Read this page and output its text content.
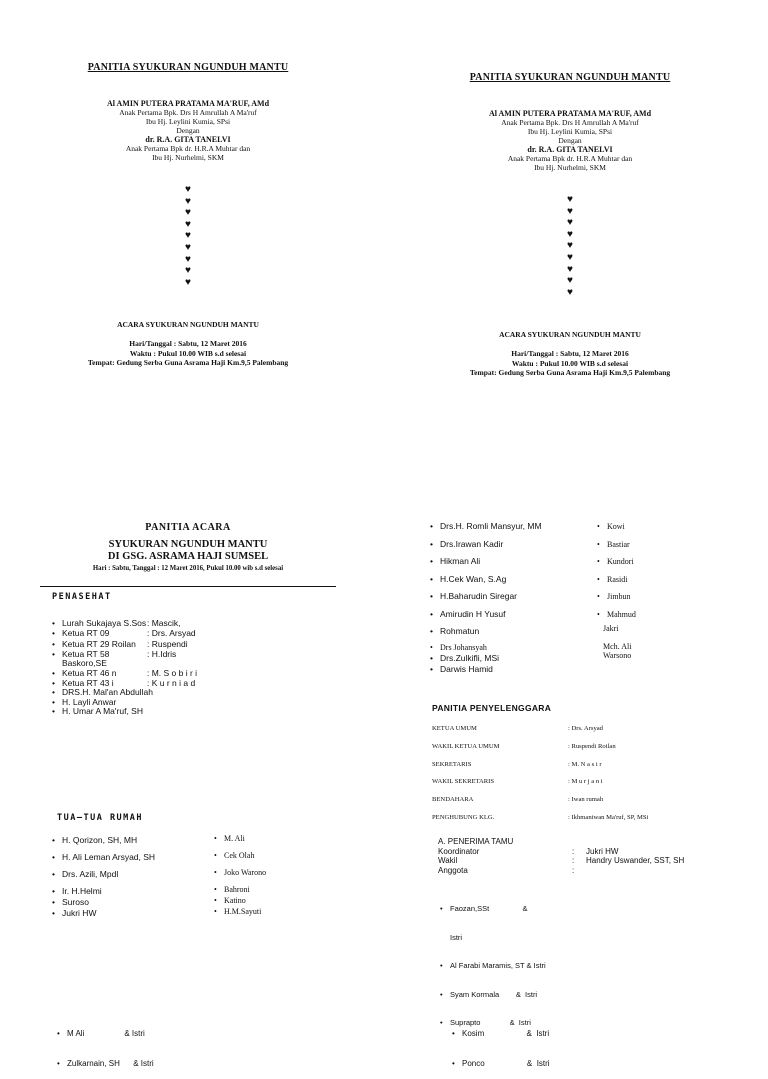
PANITIA SYUKURAN NGUNDUH MANTU
Al AMIN PUTERA PRATAMA MA'RUF, AMd
Anak Pertama Bpk. Drs H Amrullah A Ma'ruf
Ibu Hj. Leylini Kumia, SPsi
Dengan
dr. R.A. GITA TANELVI
Anak Pertama Bpk dr. H.R.A Muhtar dan
Ibu Hj. Nurhelmi, SKM
♥
♥
♥
♥
♥
♥
♥
♥
♥
ACARA SYUKURAN NGUNDUH MANTU
Hari/Tanggal : Sabtu, 12 Maret 2016
Waktu : Pukul 10.00 WIB s.d selesai
Tempat: Gedung Serba Guna Asrama Haji Km.9,5 Palembang
PANITIA SYUKURAN NGUNDUH MANTU
Al AMIN PUTERA PRATAMA MA'RUF, AMd
Anak Pertama Bpk. Drs H Amrullah A Ma'ruf
Ibu Hj. Leylini Kumia, SPsi
Dengan
dr. R.A. GITA TANELVI
Anak Pertama Bpk dr. H.R.A Muhtar dan
Ibu Hj. Nurhelmi, SKM
♥
♥
♥
♥
♥
♥
♥
♥
♥
ACARA SYUKURAN NGUNDUH MANTU
Hari/Tanggal : Sabtu, 12 Maret 2016
Waktu : Pukul 10.00 WIB s.d selesai
Tempat: Gedung Serba Guna Asrama Haji Km.9,5 Palembang
PANITIA ACARA
SYUKURAN NGUNDUH MANTU
DI GSG. ASRAMA HAJI SUMSEL
Hari : Sabtu, Tanggal : 12 Maret 2016, Pukul 10.00 wib s.d selesai
PENASEHAT
• Lurah Sukajaya S.Sos: Mascik,
• Ketua RT 09	: Drs. Arsyad
• Ketua RT 29 Roilan : Ruspendi
• Ketua RT 58 Baskoro,SE: H.Idris
• Ketua RT 46 n	: M. S o b i r i
• Ketua RT 43 i	: K u r n i a d
• DRS.H. Mal'an Abdullah
• H. Layli Anwar
• H. Umar A Ma'ruf, SH
TUA–TUA RUMAH
• H. Qorizon, SH, MH
• H. Ali Leman Arsyad, SH
• Drs. Azili, Mpdl
• Ir. H.Helmi
• Suroso
• Jukri HW
• M. Ali
• Cek Olah
• Joko Warono
• Bahroni
• Katino
• H.M.Sayuti

• M Ali                  & Istri

• Zulkarnain, SH      & Istri

• Drs.H. Romli Mansyur, MM
• Drs.Irawan Kadir
• Hikman Ali
• H.Cek Wan, S.Ag
• H.Baharudin Siregar
• Amirudin H Yusuf
• Rohmatun
• Drs Johansyah
• Drs.Zulkifli, MSi
• Darwis Hamid
• Kowi
• Bastiar
• Kundori
• Rasidi
• Jimbun
• Mahmud
Jakri
Mch. Ali
Warsono
PANITIA PENYELENGGARA
KETUA UMUM	: Drs. Arsyad
WAKIL KETUA UMUM	: Ruspendi Roilan
SEKRETARIS	: M. N a s i r
WAKIL SEKRETARIS	: M u r j a n i
BENDAHARA	: Iwan rumah
PENGHUBUNG KLG.	: Ikhmaniwan Ma'ruf, SP, MSi
A. PENERIMA TAMU
Koordinator	: Jukri HW
Wakil	: Handry Uswander, SST, SH
Anggota	:

• Faozan,SSt                &

Istri

• Al Farabi Maramis, ST & Istri

• Syam Kormala        &  Istri

• Suprapto              &  Istri

• Kosim                   &  Istri

• Ponco                   &  Istri
